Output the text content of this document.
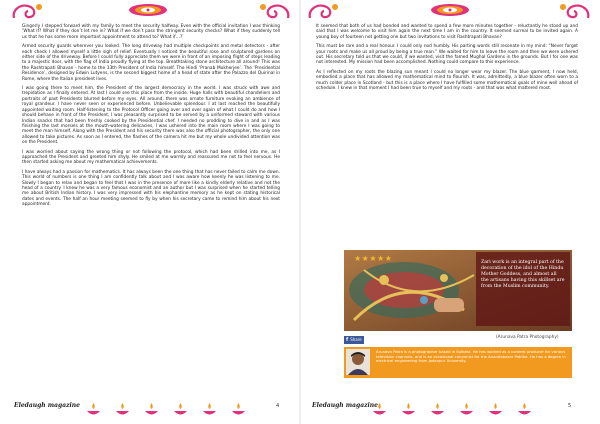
Gingerly I stepped forward with my family to meet the security halfway. Even with the official invitation I was thinking ‘What if? What if they don’t let me in? What if we don’t pass the stringent security checks? What if they suddenly tell us that he has some more important appointment to attend to? What if…?’

Armed security guards wherever you looked. The long driveway had multiple checkpoints and metal detectors - after each check I allowed myself a little sigh of relief. Eventually I noticed the beautiful rose and sculptured gardens on either side of the driveway. Before I could fully appreciate them we were in front of an imposing flight of steps leading to a majestic door, with the flag of India proudly flying at the top. Breathtaking stone architecture all around! This was the Rashtrapati Bhavan - home to the 13th President of India himself. The Hindi ‘Pranab Mukherjee’. The ‘Presidential Residence’, designed by Edwin Lutyens, is the second biggest home of a head of state after the Palazzo del Quirinal in Rome, where the Italian president lives.

I was going there to meet him, the President of the largest democracy in the world. I was struck with awe and trepidation as I finally entered. At last I could see this place from the inside. Huge halls with beautiful chandeliers and portraits of past Presidents blurred before my eyes. All around, there was ornate furniture evoking an ambience of royal grandeur. I have never seen or experienced before. Unbelievable splendour. I at last reached the beautifully appointed waiting room. Half-listening to the Protocol Officer going over and over again of what I could do and how I should behave in front of the President, I was pleasantly surprised to be served by a uniformed steward with various Indian snacks that had been freshly cooked by the Presidential chef. I needed no prodding to dive in and as I was finishing the last morsels at the mouth-watering delicacies, I was ushered into the main room where I was going to meet the man himself. Along with the President and his security there was also the official photographer, the only one allowed to take pictures. As soon as I entered, the flashes of the camera hit me but my whole undivided attention was on the President.

I was worried about saying the wrong thing or not following the protocol, which had been drilled into me, as I approached the President and greeted him shyly. He smiled at me warmly and reassured me not to feel nervous. He then started asking me about my mathematical achievements.

I have always had a passion for mathematics. It has always been the one thing that has never failed to calm me down. This world of numbers is one thing I am confidently talk about and I was aware how keenly he was listening to me. Slowly I began to relax and began to feel that I was in the presence of more like a kindly elderly relative and not the head of a country. I knew he was a very famous economist and an author but I was surprised when he started telling me about British Indian history. I was very impressed with his elephantine memory as he kept on stating historical dates and events. The half an hour meeting seemed to fly by when his secretary came to remind him about his next appointment.

It seemed that both of us had bonded and wanted to spend a few more minutes together - reluctantly he stood up and said that I was welcome to visit him again the next time I am in the country. It seemed surreal to be invited again. A young boy of fourteen not getting one but two invitations to visit Rashtrapati Bhavan?

This must be rare and a real honour. I could only nod humbly. His parting words still resonate in my mind: “Never forget your roots and make us all proud by being a true man.” We waited for him to leave the room and then we were ushered out. His secretary told us that we could, if we wanted, visit the famed Mughal Gardens in the grounds. But I for one was not interested. My mission had been accomplished. Nothing could compare to this experience.

As I reflected on my roots the blazing sun meant I could no longer wear my blazer. The blue garment, I now held, embodied a place that has allowed my mathematical mind to flourish. It was, admittedly, a blue blazer often worn to a much colder place in Scotland - but this is a place where I have fulfilled some mathematical goals of mine well ahead of schedule. I knew in that moment I had been true to myself and my roots - and that was what mattered most.

★★★★★	Zari work is an integral part of the decoration of the idol of the Hindu Mother Goddess, and almost all the artisans having this skillset are from the Muslim community.
(Arunava Patra Photography)
f Share
Arunava Patra is a photographer based in Kolkata. He has worked as a content producer for various television channels, and is an occasional columnist for the Anandabazar Patrika. He has a degree in electrical engineering from Jadavpur University.
Eledaugh magazine	4	Eledaugh magazine	5
